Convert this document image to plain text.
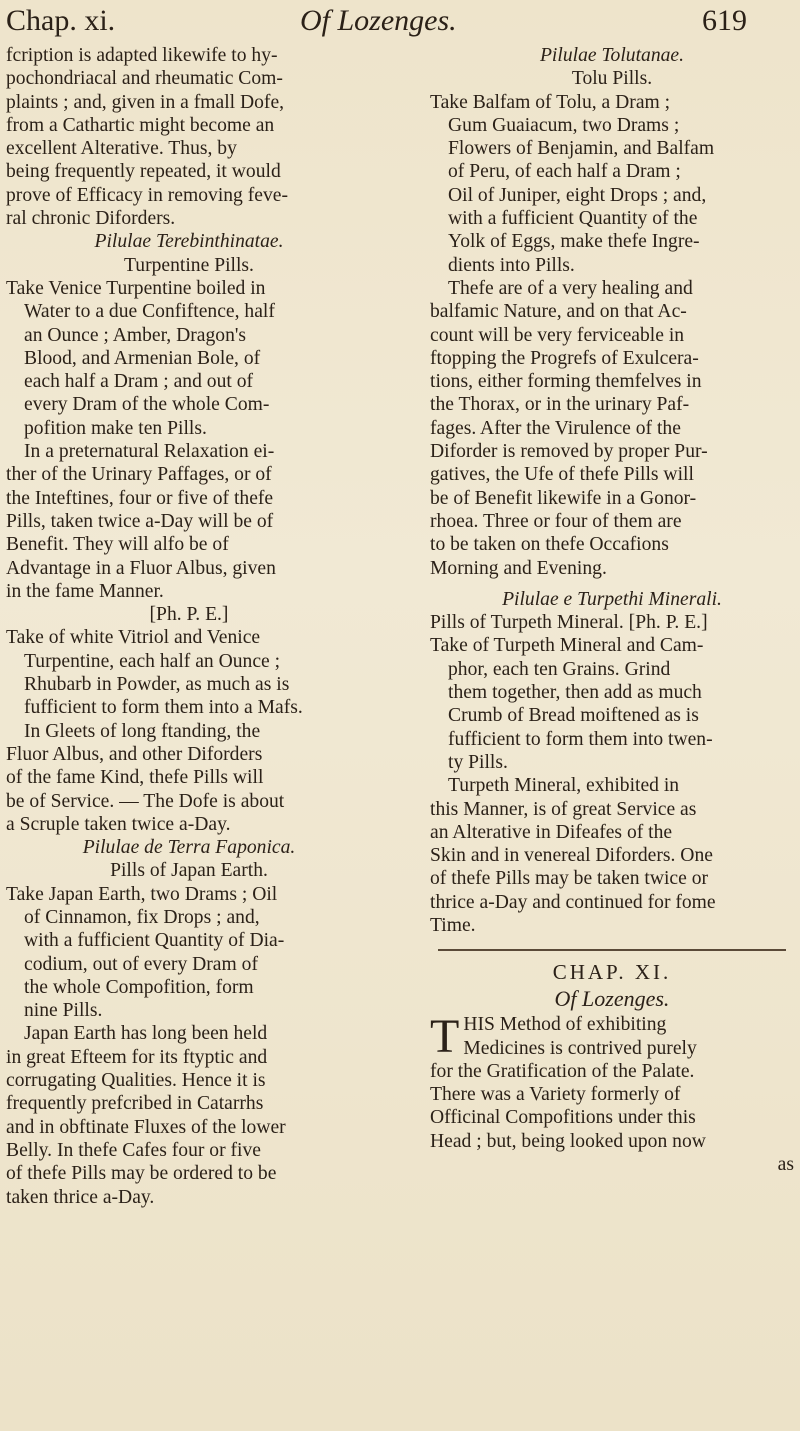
Chap. xi.	Of Lozenges.	619
fcription is adapted likewife to hy-
pochondriacal and rheumatic Com-
plaints ; and, given in a fmall Dofe,
from a Cathartic might become an
excellent Alterative. Thus, by
being frequently repeated, it would
prove of Efficacy in removing feve-
ral chronic Diforders.
Pilulae Terebinthinatae.
Turpentine Pills.
Take Venice Turpentine boiled in
Water to a due Confiftence, half
an Ounce ; Amber, Dragon's
Blood, and Armenian Bole, of
each half a Dram ; and out of
every Dram of the whole Com-
pofition make ten Pills.
In a preternatural Relaxation ei-
ther of the Urinary Paffages, or of
the Inteftines, four or five of thefe
Pills, taken twice a-Day will be of
Benefit. They will alfo be of
Advantage in a Fluor Albus, given
in the fame Manner.
[Ph. P. E.]
Take of white Vitriol and Venice
Turpentine, each half an Ounce ;
Rhubarb in Powder, as much as is
fufficient to form them into a Mafs.
In Gleets of long ftanding, the
Fluor Albus, and other Diforders
of the fame Kind, thefe Pills will
be of Service. — The Dofe is about
a Scruple taken twice a-Day.
Pilulae de Terra Faponica.
Pills of Japan Earth.
Take Japan Earth, two Drams ; Oil
of Cinnamon, fix Drops ; and,
with a fufficient Quantity of Dia-
codium, out of every Dram of
the whole Compofition, form
nine Pills.
Japan Earth has long been held
in great Efteem for its ftyptic and
corrugating Qualities. Hence it is
frequently prefcribed in Catarrhs
and in obftinate Fluxes of the lower
Belly. In thefe Cafes four or five
of thefe Pills may be ordered to be
taken thrice a-Day.
Pilulae Tolutanae.
Tolu Pills.
Take Balfam of Tolu, a Dram ;
Gum Guaiacum, two Drams ;
Flowers of Benjamin, and Balfam
of Peru, of each half a Dram ;
Oil of Juniper, eight Drops ; and,
with a fufficient Quantity of the
Yolk of Eggs, make thefe Ingre-
dients into Pills.
Thefe are of a very healing and
balfamic Nature, and on that Ac-
count will be very ferviceable in
ftopping the Progrefs of Exulcera-
tions, either forming themfelves in
the Thorax, or in the urinary Paf-
fages. After the Virulence of the
Diforder is removed by proper Pur-
gatives, the Ufe of thefe Pills will
be of Benefit likewife in a Gonor-
rhoea. Three or four of them are
to be taken on thefe Occafions
Morning and Evening.
Pilulae e Turpethi Minerali.
Pills of Turpeth Mineral. [Ph. P. E.]
Take of Turpeth Mineral and Cam-
phor, each ten Grains. Grind
them together, then add as much
Crumb of Bread moiftened as is
fufficient to form them into twen-
ty Pills.
Turpeth Mineral, exhibited in
this Manner, is of great Service as
an Alterative in Difeafes of the
Skin and in venereal Diforders. One
of thefe Pills may be taken twice or
thrice a-Day and continued for fome
Time.
CHAP. XI.
Of Lozenges.
T HIS Method of exhibiting
Medicines is contrived purely
for the Gratification of the Palate.
There was a Variety formerly of
Officinal Compofitions under this
Head ; but, being looked upon now
as
